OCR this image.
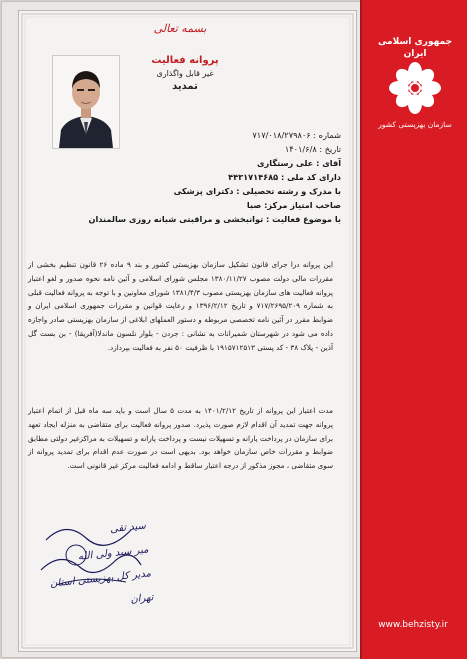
جمهوری اسلامی ایران
سازمان بهزیستی کشور
www.behzisty.ir
بسمه تعالی
پروانه فعالیت
غیر قابل واگذاری
تمدید
شماره : ۷۱۷/۰۱۸/۲۷۹۸۰۶
تاریخ : ۱۴۰۱/۶/۸
آقای : علی رستگاری
دارای کد ملی : ۴۴۳۱۷۱۴۶۸۵
با مدرک و رشته تحصیلی : دکترای پزشکی
صاحب امتیاز مرکز: صبا
با موضوع فعالیت : توانبخشی و مراقبتی شبانه روزی سالمندان
این پروانه درا جرای قانون تشکیل سازمان بهزیستی کشور و بند ۹ ماده ۲۶ قانون تنظیم بخشی از مقررات مالی دولت مصوب ۱۳۸۰/۱۱/۲۷ مجلس شورای اسلامی و آئین نامه نحوه صدور و لغو اعتبار پروانه فعالیت های سازمان بهزیستی مصوب ۱۳۸۱/۴/۳ شورای معاونین و با توجه به پروانه فعالیت قبلی به شماره ۷۱۷/۲۶۹۵/۲۰۹ و تاریخ ۱۳۹۶/۲/۱۲ و رعایت قوانین و مقررات جمهوری اسلامی ایران و ضوابط مقرر در آئین نامه تخصصی مربوطه و دستور العملهای ابلاغی از سازمان بهزیستی صادر واجازه داده می شود در شهرستان شمیرانات به نشانی : جردن - بلوار نلسون ماندلا(آفریقا) - بن بست گل آذین - پلاک ۳۸ - کد پستی ۱۹۱۵۷۱۲۵۱۳ با ظرفیت ۵۰ نفر به فعالیت بپردازد.
مدت اعتبار این پروانه از تاریخ ۱۴۰۱/۲/۱۲ به مدت ۵ سال است و باید سه ماه قبل از اتمام اعتبار پروانه جهت تمدید آن اقدام لازم صورت پذیرد. صدور پروانه فعالیت برای متقاضی به منزله ایجاد تعهد برای سازمان در پرداخت یارانه و تسهیلات نیست و پرداخت یارانه و تسهیلات به مراکزغیر دولتی مطابق ضوابط و مقررات خاص سازمان خواهد بود. بدیهی است در صورت عدم اقدام برای تمدید پروانه از سوی متقاضی ، مجوز مذکور از درجه اعتبار ساقط و ادامه فعالیت مرکز غیر قانونی است.
سید تقی
میر سید ولی الله
مدیر کل بهزیستی استان تهران
